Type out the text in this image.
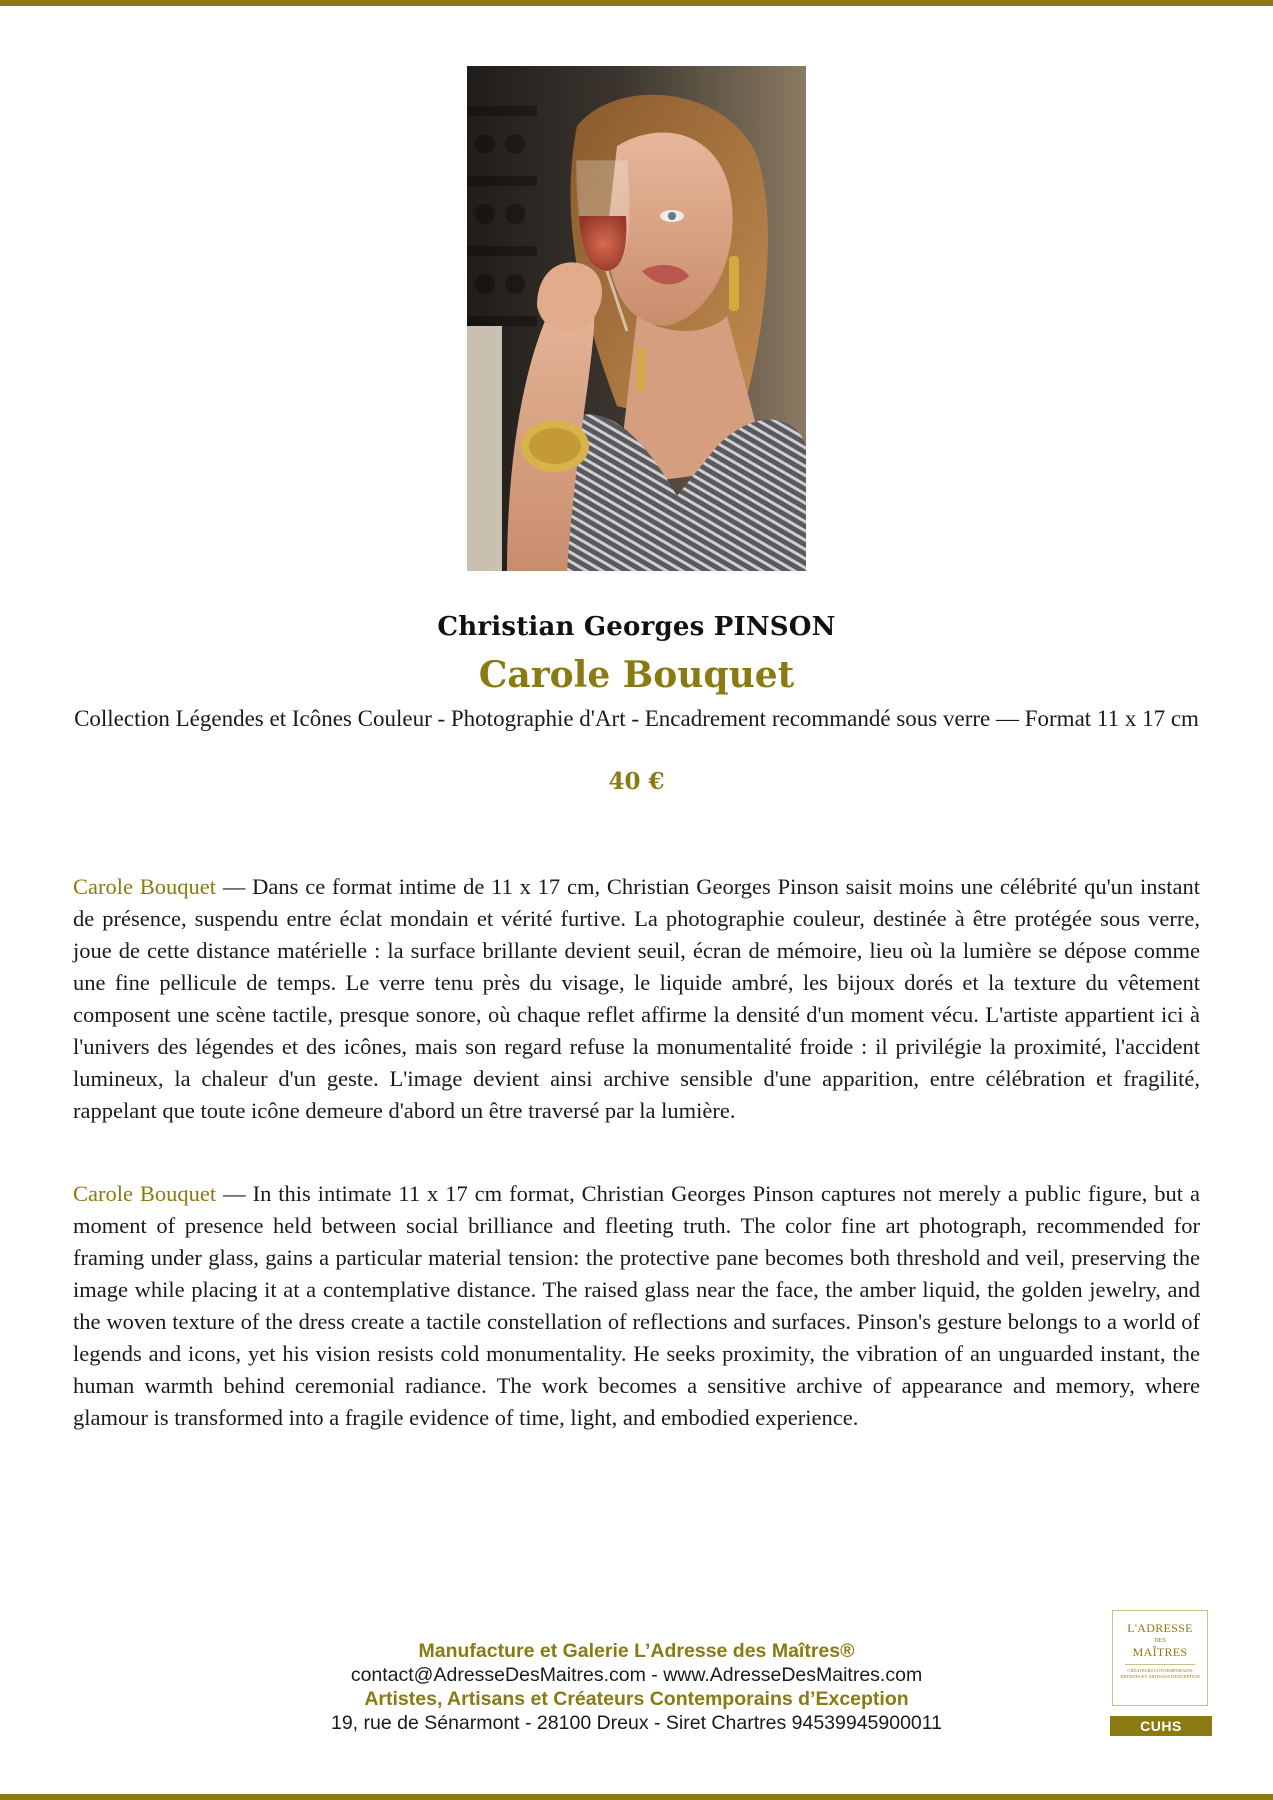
Christian Georges PINSON
Carole Bouquet
Collection Légendes et Icônes Couleur - Photographie d'Art - Encadrement recommandé sous verre — Format 11 x 17 cm
40 €

Carole Bouquet — Dans ce format intime de 11 x 17 cm, Christian Georges Pinson saisit moins une célébrité qu'un instant de présence, suspendu entre éclat mondain et vérité furtive. La photographie couleur, destinée à être protégée sous verre, joue de cette distance matérielle : la surface brillante devient seuil, écran de mémoire, lieu où la lumière se dépose comme une fine pellicule de temps. Le verre tenu près du visage, le liquide ambré, les bijoux dorés et la texture du vêtement composent une scène tactile, presque sonore, où chaque reflet affirme la densité d'un moment vécu. L'artiste appartient ici à l'univers des légendes et des icônes, mais son regard refuse la monumentalité froide : il privilégie la proximité, l'accident lumineux, la chaleur d'un geste. L'image devient ainsi archive sensible d'une apparition, entre célébration et fragilité, rappelant que toute icône demeure d'abord un être traversé par la lumière.

Carole Bouquet — In this intimate 11 x 17 cm format, Christian Georges Pinson captures not merely a public figure, but a moment of presence held between social brilliance and fleeting truth. The color fine art photograph, recommended for framing under glass, gains a particular material tension: the protective pane becomes both threshold and veil, preserving the image while placing it at a contemplative distance. The raised glass near the face, the amber liquid, the golden jewelry, and the woven texture of the dress create a tactile constellation of reflections and surfaces. Pinson's gesture belongs to a world of legends and icons, yet his vision resists cold monumentality. He seeks proximity, the vibration of an unguarded instant, the human warmth behind ceremonial radiance. The work becomes a sensitive archive of appearance and memory, where glamour is transformed into a fragile evidence of time, light, and embodied experience.

Manufacture et Galerie L’Adresse des Maîtres®
contact@AdresseDesMaitres.com - www.AdresseDesMaitres.com
Artistes, Artisans et Créateurs Contemporains d’Exception
19, rue de Sénarmont - 28100 Dreux - Siret Chartres 94539945900011
L'ADRESSE
DES
MAÎTRES
CRÉATEURS CONTEMPORAINS ARTISTES ET ARTISANS D'EXCEPTION
CUHS
